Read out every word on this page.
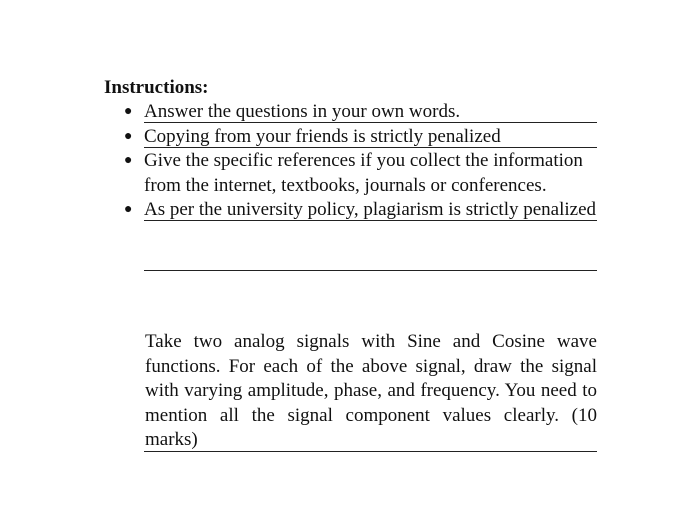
Instructions:
● Answer the questions in your own words.
● Copying from your friends is strictly penalized
● Give the specific references if you collect the information from the internet, textbooks, journals or conferences.
● As per the university policy, plagiarism is strictly penalized

Take two analog signals with Sine and Cosine wave functions. For each of the above signal, draw the signal with varying amplitude, phase, and frequency. You need to mention all the signal component values clearly. (10 marks)
